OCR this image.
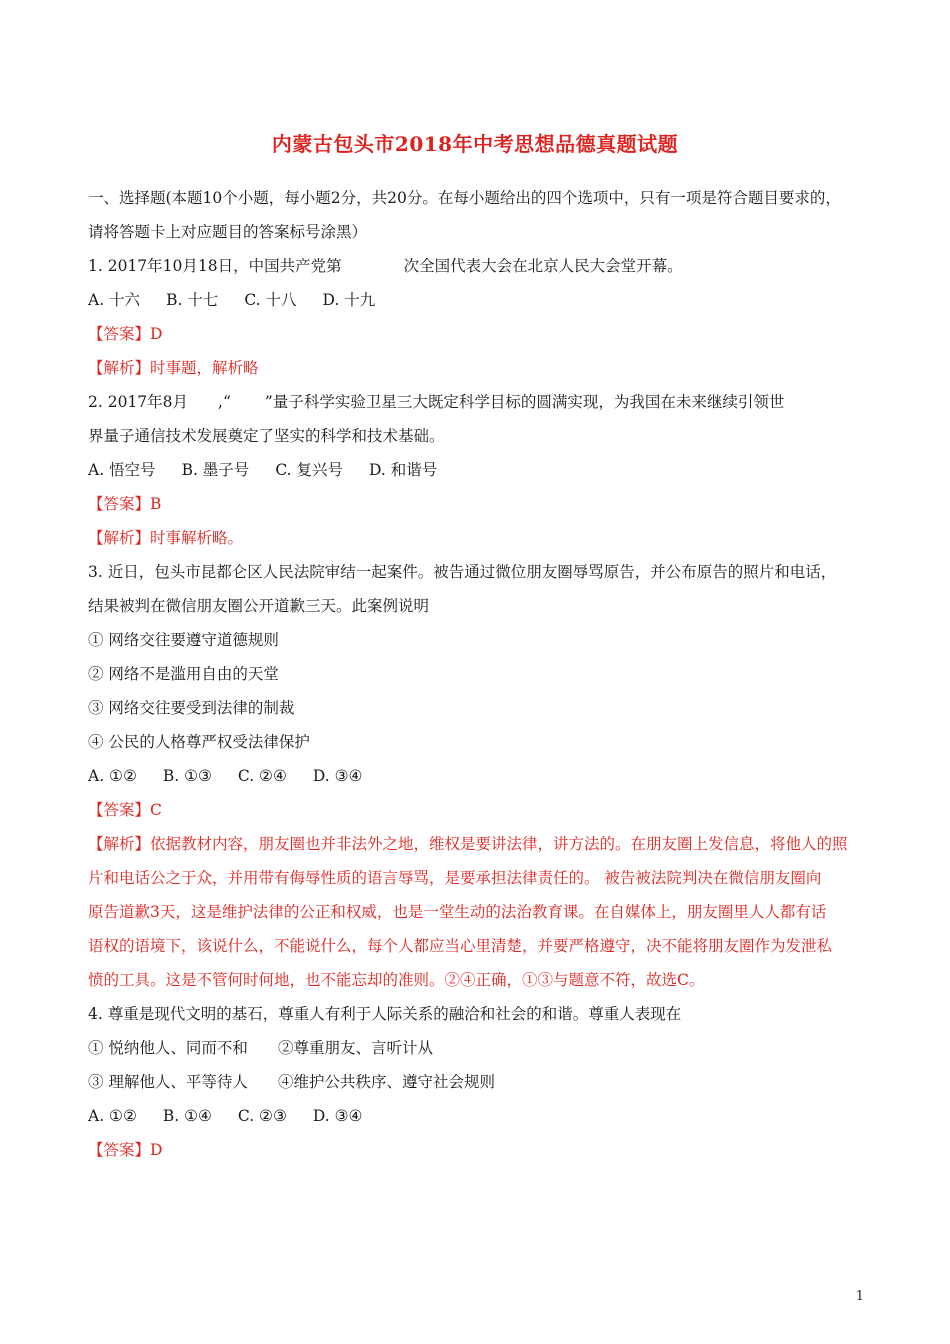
内蒙古包头市2018年中考思想品德真题试题
一、选择题(本题10个小题，每小题2分，共20分。在每小题给出的四个选项中，只有一项是符合题目要求的，
请将答题卡上对应题目的答案标号涂黑）
1. 2017年10月18日，中国共产党第	次全国代表大会在北京人民大会堂开幕。
A. 十六 B. 十七 C. 十八 D. 十九
【答案】D
【解析】时事题，解析略
2. 2017年8月 ,“ ”量子科学实验卫星三大既定科学目标的圆满实现，为我国在未来继续引领世
界量子通信技术发展奠定了坚实的科学和技术基础。
A. 悟空号 B. 墨子号 C. 复兴号 D. 和谐号
【答案】B
【解析】时事解析略。
3. 近日，包头市昆都仑区人民法院审结一起案件。被告通过微位朋友圈辱骂原告，并公布原告的照片和电话，
结果被判在微信朋友圈公开道歉三天。此案例说明
① 网络交往要遵守道德规则
② 网络不是滥用自由的天堂
③ 网络交往要受到法律的制裁
④ 公民的人格尊严权受法律保护
A. ①② B. ①③ C. ②④ D. ③④
【答案】C
【解析】依据教材内容，朋友圈也并非法外之地，维权是要讲法律，讲方法的。在朋友圈上发信息，将他人的照
片和电话公之于众，并用带有侮辱性质的语言辱骂，是要承担法律责任的。 被告被法院判决在微信朋友圈向
原告道歉3天，这是维护法律的公正和权威，也是一堂生动的法治教育课。在自媒体上，朋友圈里人人都有话
语权的语境下，该说什么，不能说什么，每个人都应当心里清楚，并要严格遵守，决不能将朋友圈作为发泄私
愤的工具。这是不管何时何地，也不能忘却的准则。②④正确，①③与题意不符，故选C。
4. 尊重是现代文明的基石，尊重人有利于人际关系的融洽和社会的和谐。尊重人表现在
① 悦纳他人、同而不和 ②尊重朋友、言听计从
③ 理解他人、平等待人 ④维护公共秩序、遵守社会规则
A. ①② B. ①④ C. ②③ D. ③④
【答案】D
1
